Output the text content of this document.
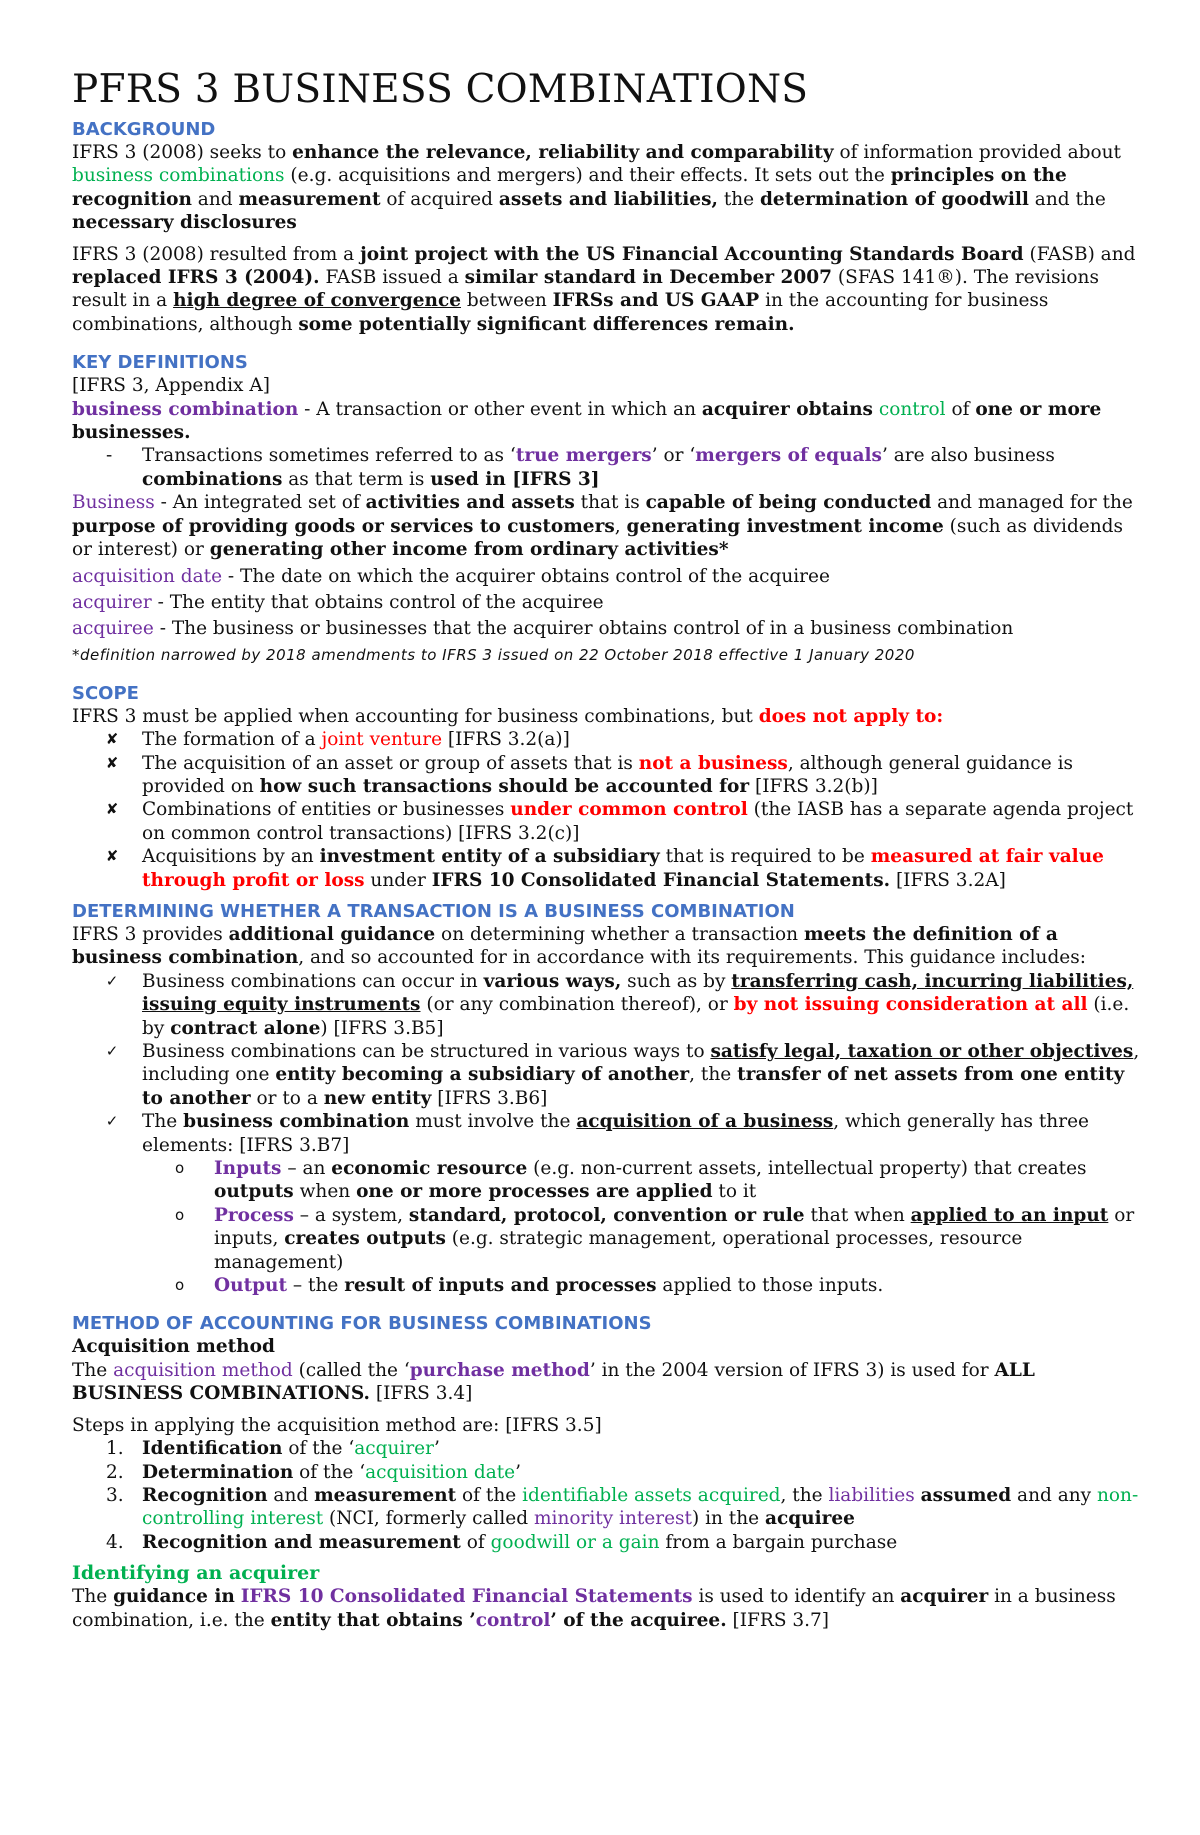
PFRS 3 BUSINESS COMBINATIONS
BACKGROUND

IFRS 3 (2008) seeks to enhance the relevance, reliability and comparability of information provided about business combinations (e.g. acquisitions and mergers) and their effects. It sets out the principles on the recognition and measurement of acquired assets and liabilities, the determination of goodwill and the necessary disclosures

IFRS 3 (2008) resulted from a joint project with the US Financial Accounting Standards Board (FASB) and replaced IFRS 3 (2004). FASB issued a similar standard in December 2007 (SFAS 141®). The revisions result in a high degree of convergence between IFRSs and US GAAP in the accounting for business combinations, although some potentially significant differences remain.

KEY DEFINITIONS

[IFRS 3, Appendix A]

business combination - A transaction or other event in which an acquirer obtains control of one or more businesses.

- Transactions sometimes referred to as ‘true mergers’ or ‘mergers of equals’ are also business combinations as that term is used in [IFRS 3]

Business - An integrated set of activities and assets that is capable of being conducted and managed for the purpose of providing goods or services to customers, generating investment income (such as dividends or interest) or generating other income from ordinary activities*

acquisition date - The date on which the acquirer obtains control of the acquiree

acquirer - The entity that obtains control of the acquiree

acquiree - The business or businesses that the acquirer obtains control of in a business combination

*definition narrowed by 2018 amendments to IFRS 3 issued on 22 October 2018 effective 1 January 2020

SCOPE

IFRS 3 must be applied when accounting for business combinations, but does not apply to:

✘ The formation of a joint venture [IFRS 3.2(a)]
✘ The acquisition of an asset or group of assets that is not a business, although general guidance is provided on how such transactions should be accounted for [IFRS 3.2(b)]
✘ Combinations of entities or businesses under common control (the IASB has a separate agenda project on common control transactions) [IFRS 3.2(c)]
✘ Acquisitions by an investment entity of a subsidiary that is required to be measured at fair value through profit or loss under IFRS 10 Consolidated Financial Statements. [IFRS 3.2A]
DETERMINING WHETHER A TRANSACTION IS A BUSINESS COMBINATION

IFRS 3 provides additional guidance on determining whether a transaction meets the definition of a business combination, and so accounted for in accordance with its requirements. This guidance includes:

✓ Business combinations can occur in various ways, such as by transferring cash, incurring liabilities, issuing equity instruments (or any combination thereof), or by not issuing consideration at all (i.e. by contract alone) [IFRS 3.B5]
✓ Business combinations can be structured in various ways to satisfy legal, taxation or other objectives, including one entity becoming a subsidiary of another, the transfer of net assets from one entity to another or to a new entity [IFRS 3.B6]
✓ The business combination must involve the acquisition of a business, which generally has three elements: [IFRS 3.B7]
o Inputs – an economic resource (e.g. non-current assets, intellectual property) that creates outputs when one or more processes are applied to it
o Process – a system, standard, protocol, convention or rule that when applied to an input or inputs, creates outputs (e.g. strategic management, operational processes, resource management)
o Output – the result of inputs and processes applied to those inputs.
METHOD OF ACCOUNTING FOR BUSINESS COMBINATIONS

Acquisition method

The acquisition method (called the ‘purchase method’ in the 2004 version of IFRS 3) is used for ALL BUSINESS COMBINATIONS. [IFRS 3.4]

Steps in applying the acquisition method are: [IFRS 3.5]

1. Identification of the ‘acquirer’
2. Determination of the ‘acquisition date’
3. Recognition and measurement of the identifiable assets acquired, the liabilities assumed and any non-controlling interest (NCI, formerly called minority interest) in the acquiree
4. Recognition and measurement of goodwill or a gain from a bargain purchase
Identifying an acquirer

The guidance in IFRS 10 Consolidated Financial Statements is used to identify an acquirer in a business combination, i.e. the entity that obtains ’control’ of the acquiree. [IFRS 3.7]
